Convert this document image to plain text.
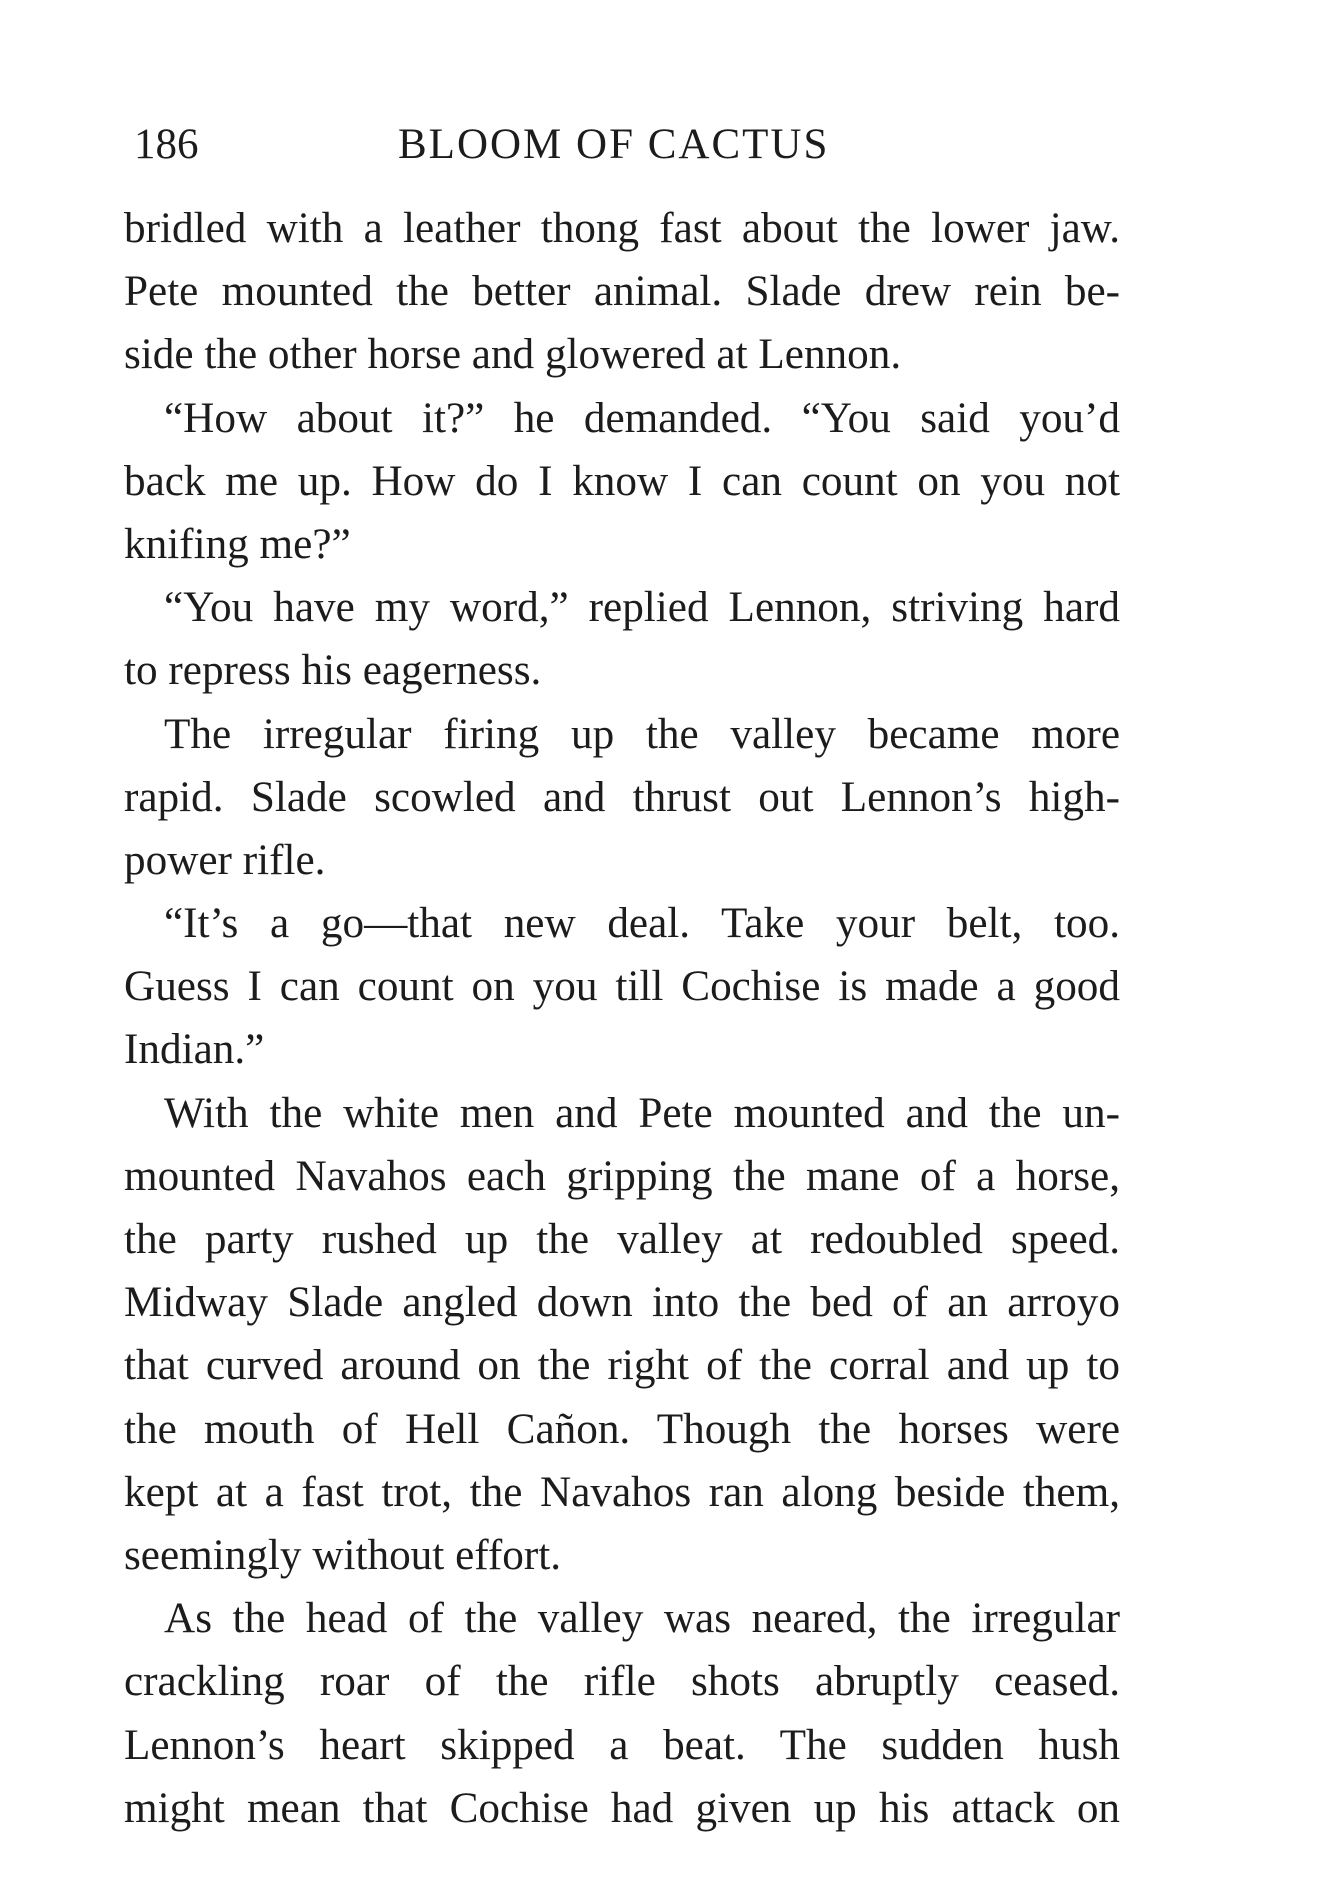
186	BLOOM OF CACTUS
bridled with a leather thong fast about the lower jaw.
Pete mounted the better animal. Slade drew rein be-
side the other horse and glowered at Lennon.
“How about it?” he demanded. “You said you’d
back me up. How do I know I can count on you not
knifing me?”
“You have my word,” replied Lennon, striving hard
to repress his eagerness.
The irregular firing up the valley became more
rapid. Slade scowled and thrust out Lennon’s high-
power rifle.
“It’s a go—that new deal. Take your belt, too.
Guess I can count on you till Cochise is made a good
Indian.”
With the white men and Pete mounted and the un-
mounted Navahos each gripping the mane of a horse,
the party rushed up the valley at redoubled speed.
Midway Slade angled down into the bed of an arroyo
that curved around on the right of the corral and up to
the mouth of Hell Cañon. Though the horses were
kept at a fast trot, the Navahos ran along beside them,
seemingly without effort.
As the head of the valley was neared, the irregular
crackling roar of the rifle shots abruptly ceased.
Lennon’s heart skipped a beat. The sudden hush
might mean that Cochise had given up his attack on
